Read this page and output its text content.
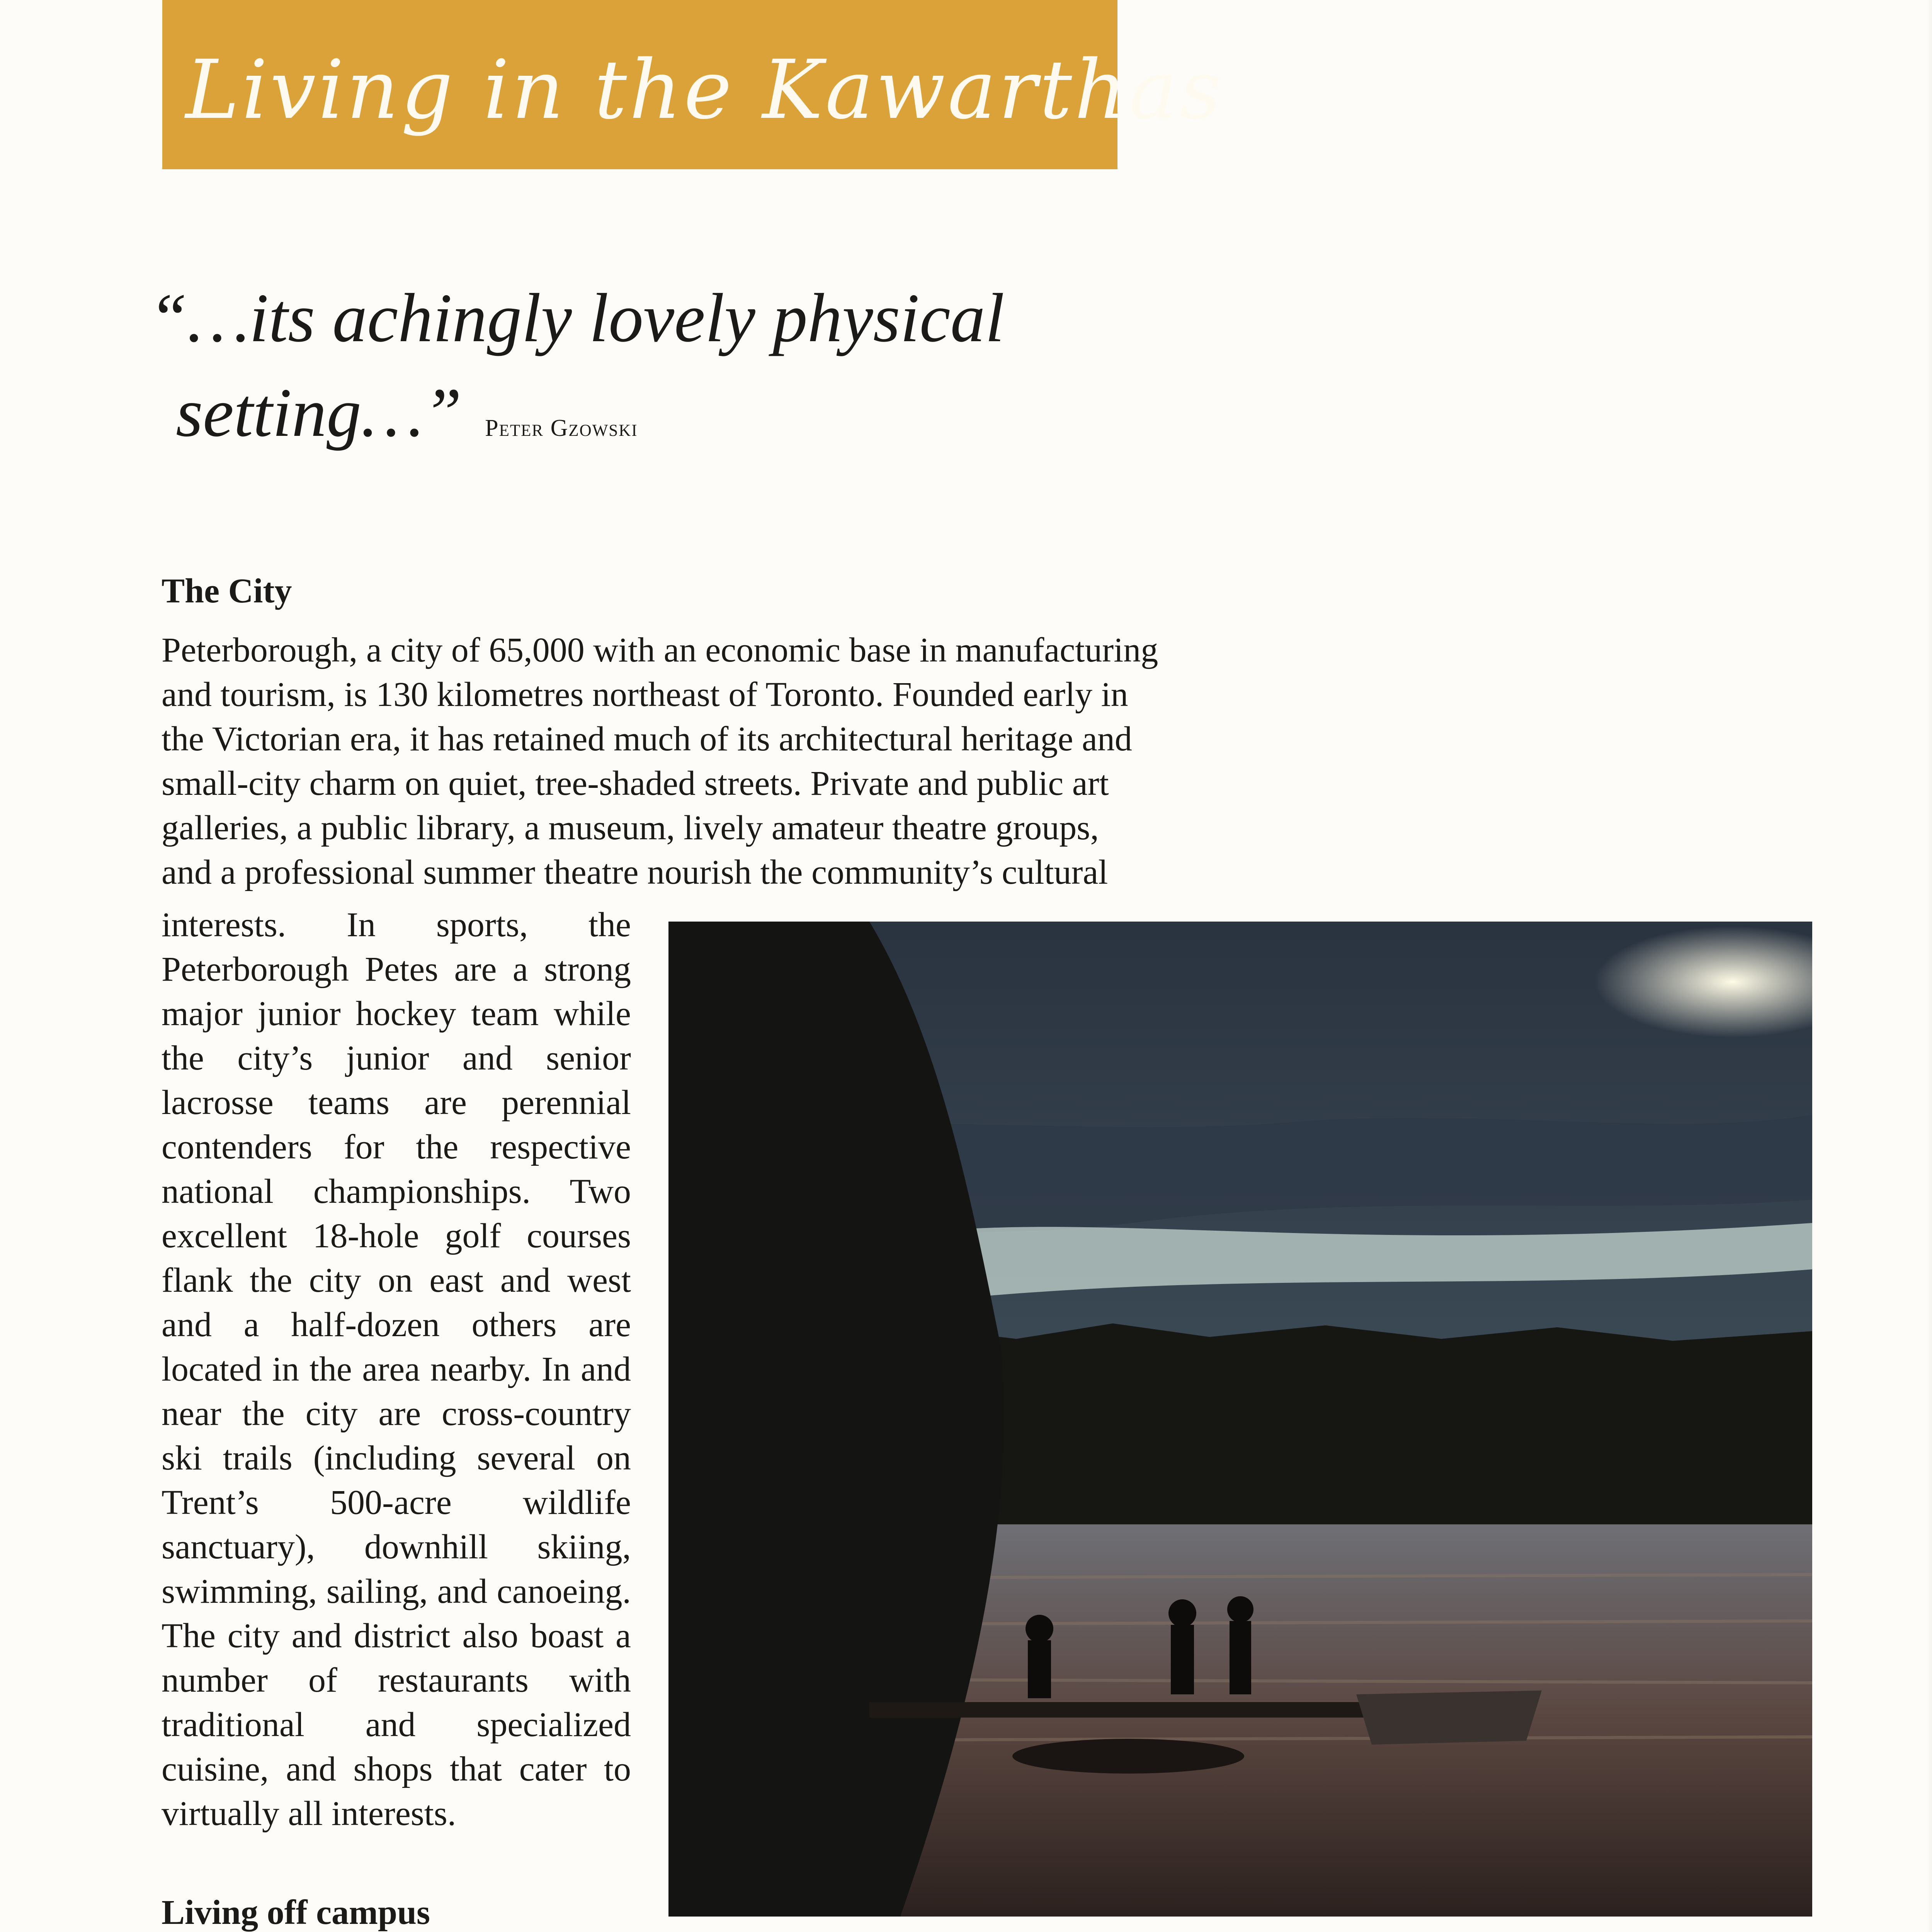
Living in the Kawarthas
“…its achingly lovely physical
setting…” Peter Gzowski
The City

Peterborough, a city of 65,000 with an economic base in manufacturing

and tourism, is 130 kilometres northeast of Toronto. Founded early in

the Victorian era, it has retained much of its architectural heritage and

small-city charm on quiet, tree-shaded streets. Private and public art

galleries, a public library, a museum, lively amateur theatre groups,

and a professional summer theatre nourish the community’s cultural

interests. In sports, the Peterborough Petes are a strong major junior hockey team while the city’s junior and senior lacrosse teams are perennial contenders for the respective national championships. Two excellent 18-hole golf courses flank the city on east and west and a half-dozen others are located in the area nearby. In and near the city are cross-country ski trails (including several on Trent’s 500-acre wildlife sanctuary), downhill skiing, swimming, sailing, and canoeing. The city and district also boast a number of restaurants with traditional and specialized cuisine, and shops that cater to virtually all interests.

Living off campus
